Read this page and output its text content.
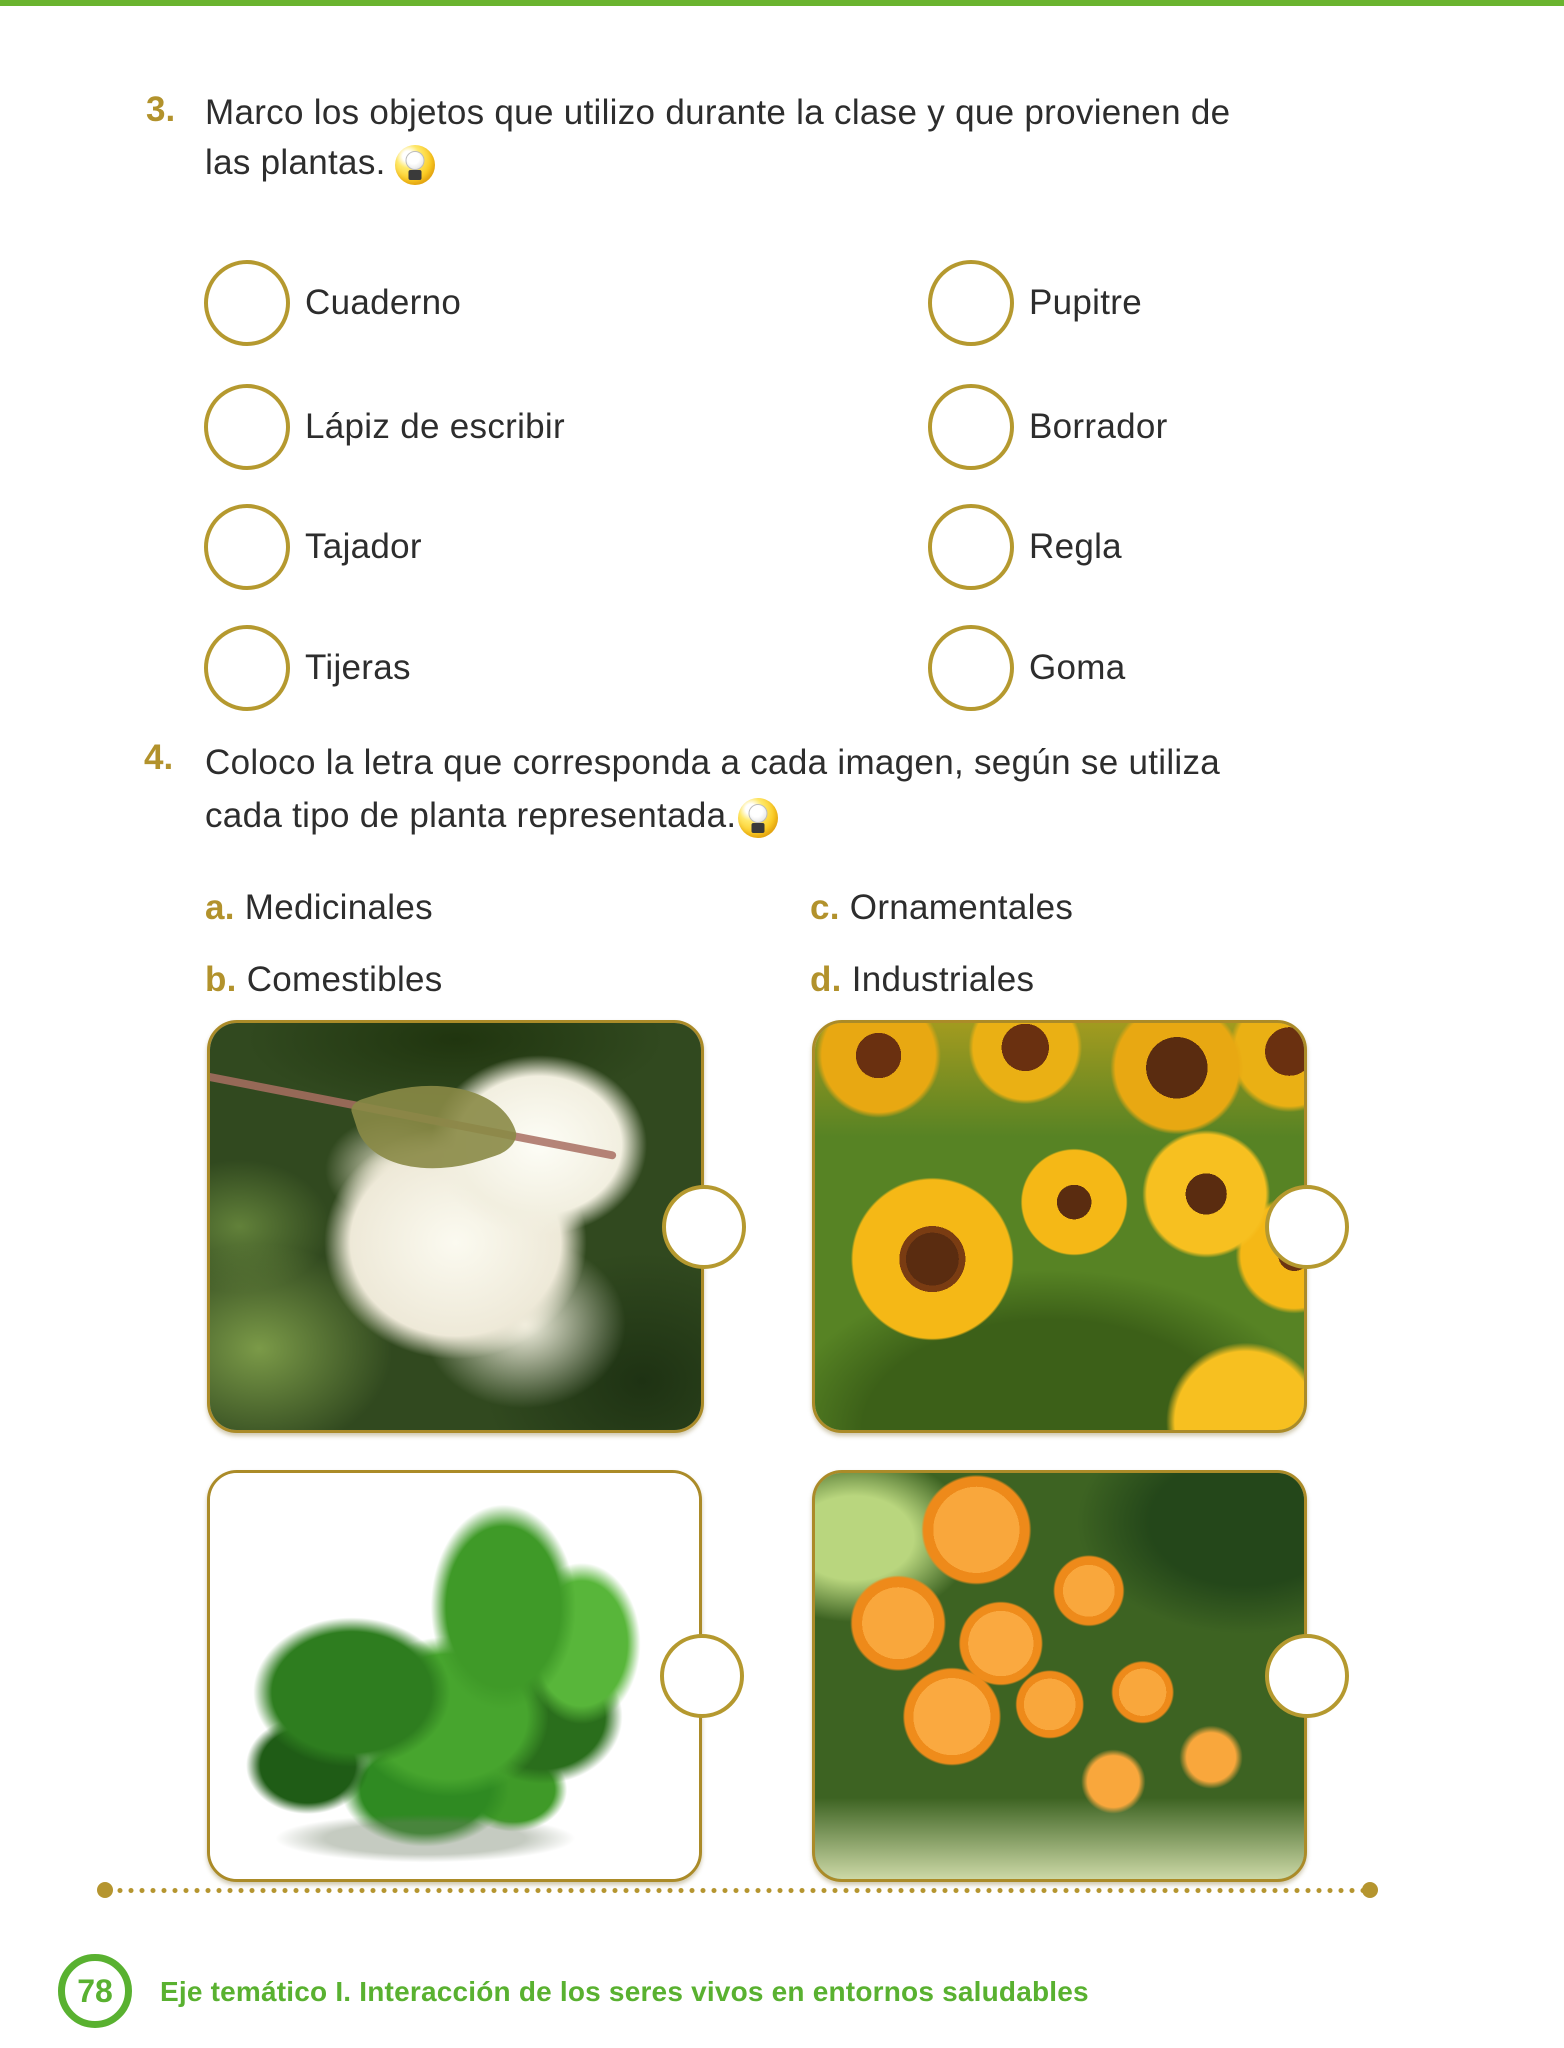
3. Marco los objetos que utilizo durante la clase y que provienen de
las plantas.
Cuaderno
Lápiz de escribir
Tajador
Tijeras
Pupitre
Borrador
Regla
Goma
4. Coloco la letra que corresponda a cada imagen, según se utiliza
cada tipo de planta representada.
a. Medicinales	c. Ornamentales
b. Comestibles	d. Industriales
78 Eje temático I. Interacción de los seres vivos en entornos saludables
